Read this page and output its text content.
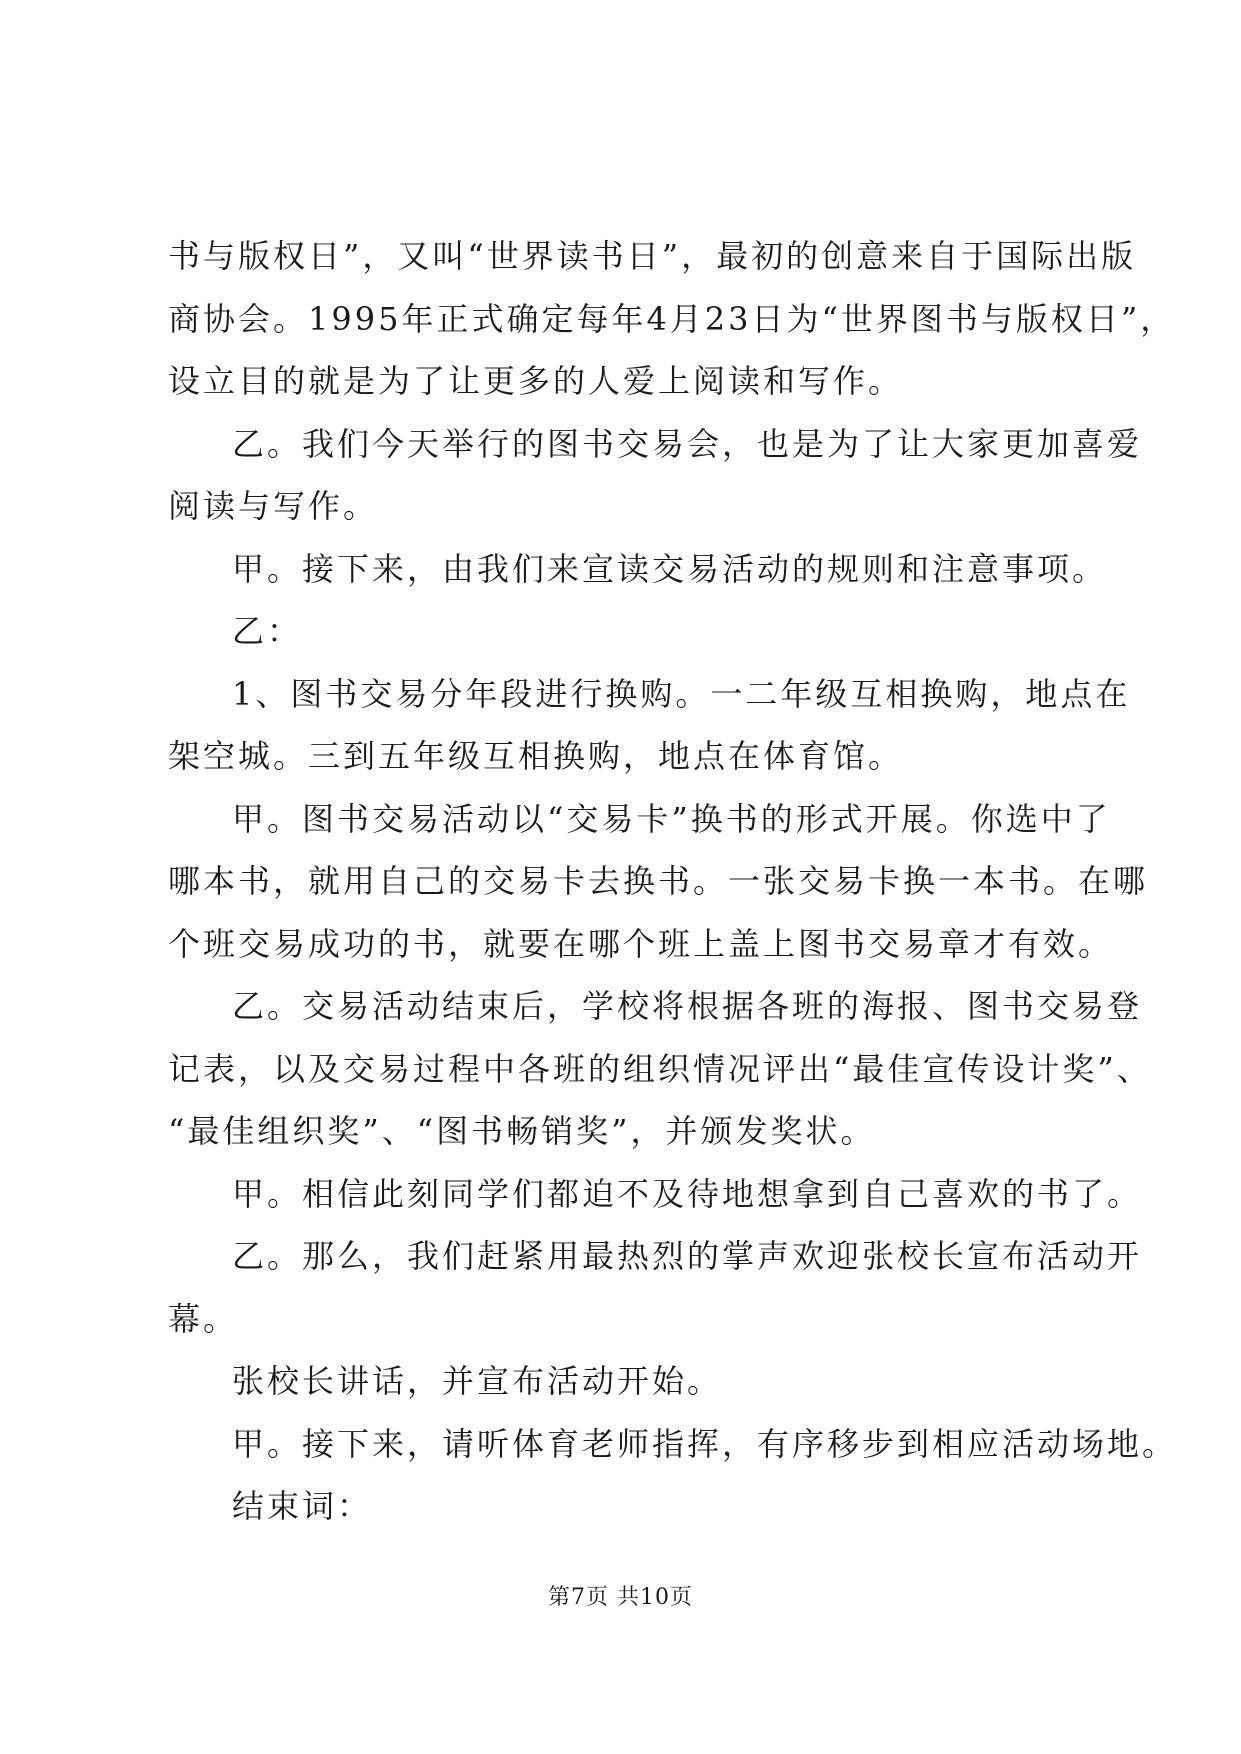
书与版权日”，又叫“世界读书日”，最初的创意来自于国际出版
商协会。1995年正式确定每年4月23日为“世界图书与版权日”，
设立目的就是为了让更多的人爱上阅读和写作。
乙。我们今天举行的图书交易会，也是为了让大家更加喜爱
阅读与写作。
甲。接下来，由我们来宣读交易活动的规则和注意事项。
乙：
1、图书交易分年段进行换购。一二年级互相换购，地点在
架空城。三到五年级互相换购，地点在体育馆。
甲。图书交易活动以“交易卡”换书的形式开展。你选中了
哪本书，就用自己的交易卡去换书。一张交易卡换一本书。在哪
个班交易成功的书，就要在哪个班上盖上图书交易章才有效。
乙。交易活动结束后，学校将根据各班的海报、图书交易登
记表，以及交易过程中各班的组织情况评出“最佳宣传设计奖”、
“最佳组织奖”、“图书畅销奖”，并颁发奖状。
甲。相信此刻同学们都迫不及待地想拿到自己喜欢的书了。
乙。那么，我们赶紧用最热烈的掌声欢迎张校长宣布活动开
幕。
张校长讲话，并宣布活动开始。
甲。接下来，请听体育老师指挥，有序移步到相应活动场地。
结束词：
第7页 共10页
